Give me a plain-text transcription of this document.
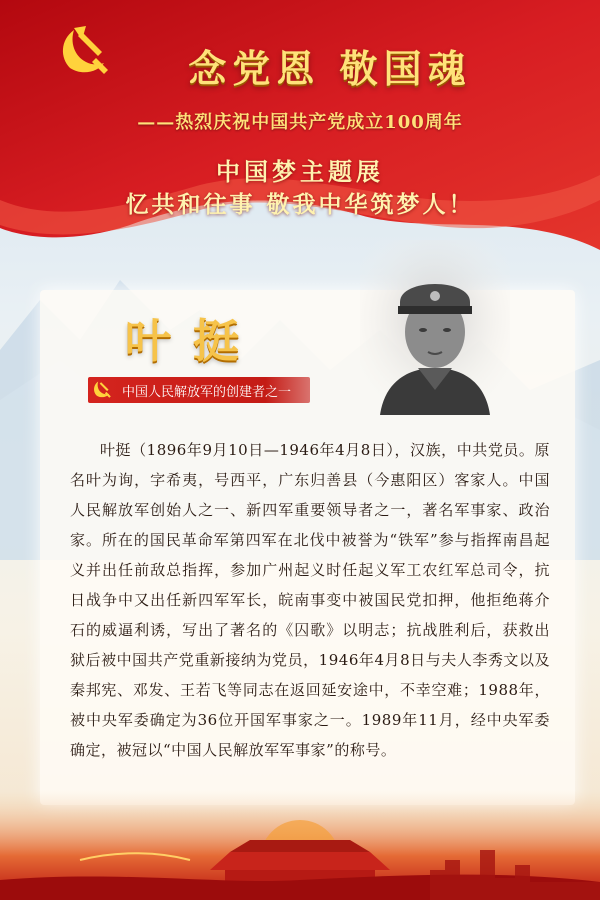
念党恩 敬国魂
——热烈庆祝中国共产党成立100周年
中国梦主题展
忆共和往事 敬我中华筑梦人！
叶挺
中国人民解放军的创建者之一
叶挺（1896年9月10日—1946年4月8日），汉族，中共党员。原名叶为询，字希夷，号西平，广东归善县（今惠阳区）客家人。中国人民解放军创始人之一、新四军重要领导者之一，著名军事家、政治家。所在的国民革命军第四军在北伐中被誉为“铁军”参与指挥南昌起义并出任前敌总指挥，参加广州起义时任起义军工农红军总司令，抗日战争中又出任新四军军长，皖南事变中被国民党扣押，他拒绝蒋介石的威逼利诱，写出了著名的《囚歌》以明志；抗战胜利后，获救出狱后被中国共产党重新接纳为党员，1946年4月8日与夫人李秀文以及秦邦宪、邓发、王若飞等同志在返回延安途中，不幸空难；1988年，被中央军委确定为36位开国军事家之一。1989年11月，经中央军委确定，被冠以“中国人民解放军军事家”的称号。
